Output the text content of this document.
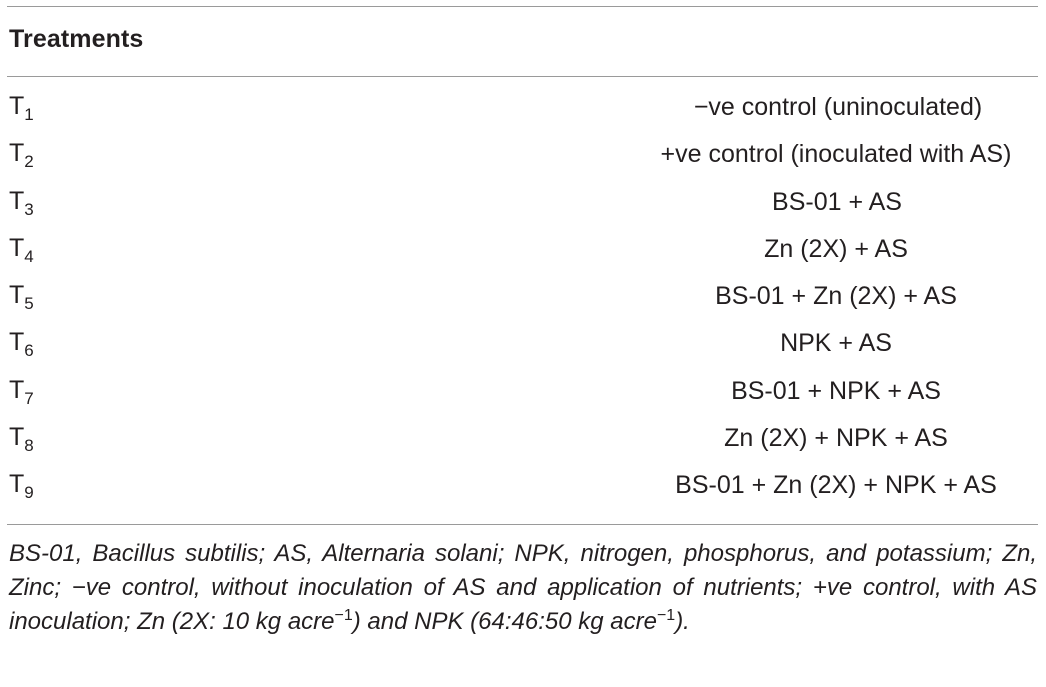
Treatments
$T_1$	−ve control (uninoculated)
$T_2$	+ve control (inoculated with AS)
$T_3$	BS-01 + AS
$T_4$	Zn (2X) + AS
$T_5$	BS-01 + Zn (2X) + AS
$T_6$	NPK + AS
$T_7$	BS-01 + NPK + AS
$T_8$	Zn (2X) + NPK + AS
$T_9$	BS-01 + Zn (2X) + NPK + AS
BS-01, Bacillus subtilis; AS, Alternaria solani; NPK, nitrogen, phosphorus, and potassium; Zn, Zinc; −ve control, without inoculation of AS and application of nutrients; +ve control, with AS inoculation; Zn (2X: 10 kg acre$^{-1}$) and NPK (64:46:50 kg acre$^{-1}$).
